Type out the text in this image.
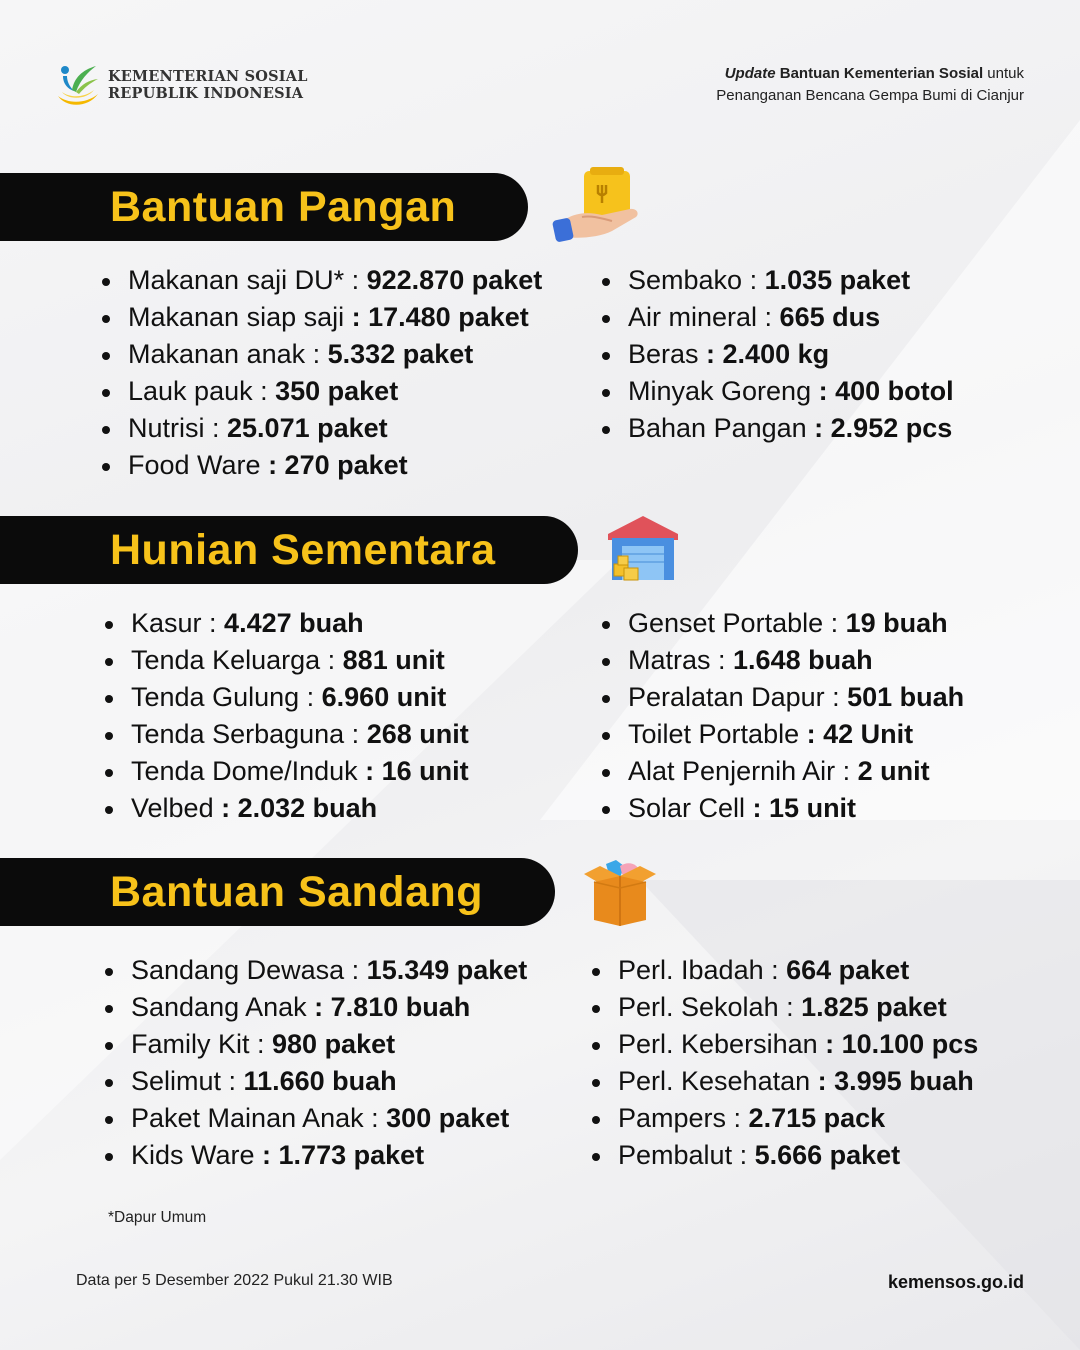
KEMENTERIAN SOSIAL
REPUBLIK INDONESIA
Update Bantuan Kementerian Sosial untuk
Penanganan Bencana Gempa Bumi di Cianjur
Bantuan Pangan
Makanan saji DU* : 922.870 paket
Makanan siap saji : 17.480 paket
Makanan anak : 5.332 paket
Lauk pauk : 350 paket
Nutrisi : 25.071 paket
Food Ware : 270 paket
Sembako : 1.035 paket
Air mineral : 665 dus
Beras : 2.400 kg
Minyak Goreng : 400 botol
Bahan Pangan : 2.952 pcs
Hunian Sementara
Kasur : 4.427 buah
Tenda Keluarga : 881 unit
Tenda Gulung : 6.960 unit
Tenda Serbaguna : 268 unit
Tenda Dome/Induk : 16 unit
Velbed : 2.032 buah
Genset Portable : 19 buah
Matras : 1.648 buah
Peralatan Dapur : 501 buah
Toilet Portable : 42 Unit
Alat Penjernih Air : 2 unit
Solar Cell : 15 unit
Bantuan Sandang
Sandang Dewasa : 15.349 paket
Sandang Anak : 7.810 buah
Family Kit : 980 paket
Selimut : 11.660 buah
Paket Mainan Anak : 300 paket
Kids Ware : 1.773 paket
Perl. Ibadah : 664 paket
Perl. Sekolah : 1.825 paket
Perl. Kebersihan : 10.100 pcs
Perl. Kesehatan : 3.995 buah
Pampers : 2.715 pack
Pembalut : 5.666 paket
*Dapur Umum
Data per 5 Desember 2022 Pukul 21.30 WIB	kemensos.go.id
